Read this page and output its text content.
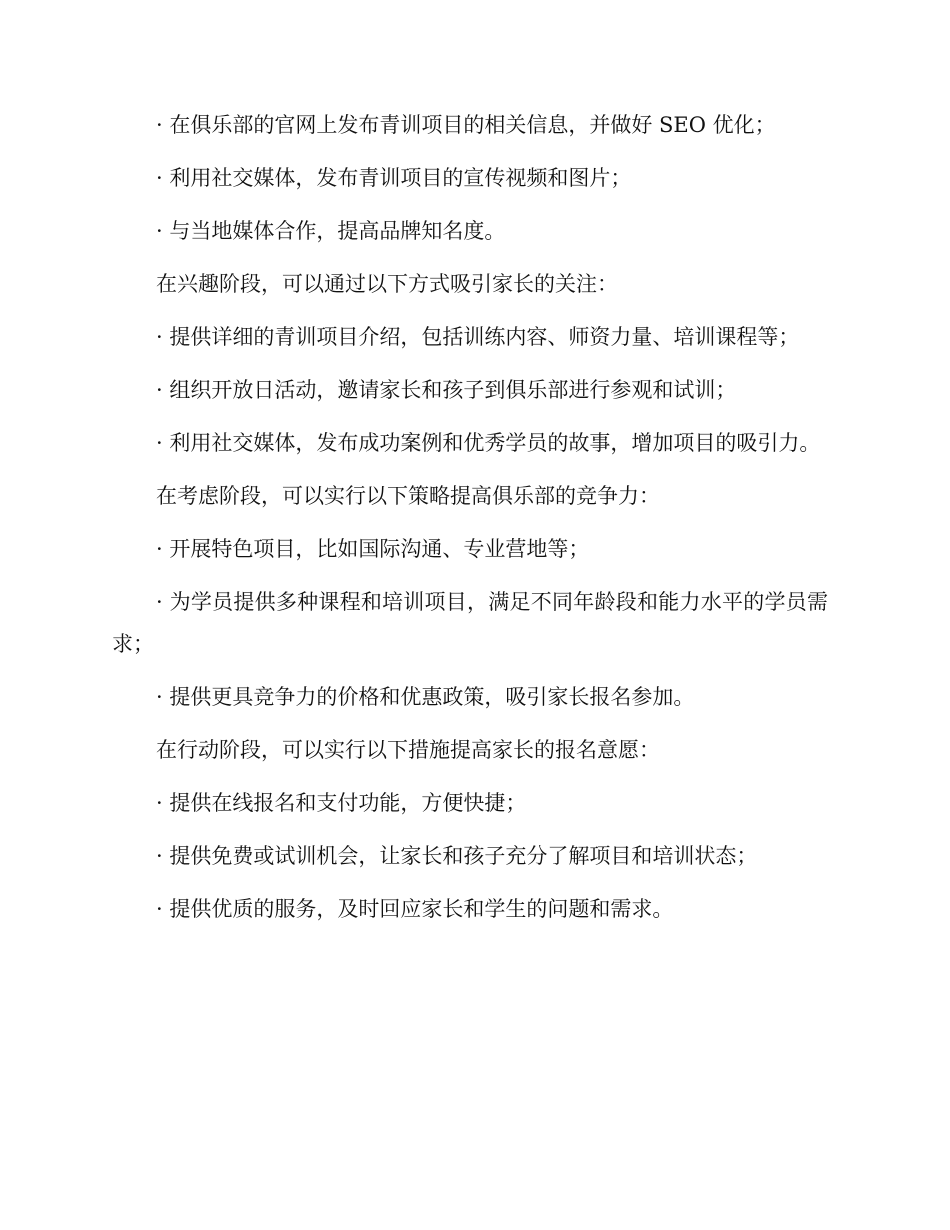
· 在俱乐部的官网上发布青训项目的相关信息，并做好 SEO 优化；

· 利用社交媒体，发布青训项目的宣传视频和图片；

· 与当地媒体合作，提高品牌知名度。

在兴趣阶段，可以通过以下方式吸引家长的关注：

· 提供详细的青训项目介绍，包括训练内容、师资力量、培训课程等；

· 组织开放日活动，邀请家长和孩子到俱乐部进行参观和试训；

· 利用社交媒体，发布成功案例和优秀学员的故事，增加项目的吸引力。

在考虑阶段，可以实行以下策略提高俱乐部的竞争力：

· 开展特色项目，比如国际沟通、专业营地等；

· 为学员提供多种课程和培训项目，满足不同年龄段和能力水平的学员需求；

· 提供更具竞争力的价格和优惠政策，吸引家长报名参加。

在行动阶段，可以实行以下措施提高家长的报名意愿：

· 提供在线报名和支付功能，方便快捷；

· 提供免费或试训机会，让家长和孩子充分了解项目和培训状态；

· 提供优质的服务，及时回应家长和学生的问题和需求。
